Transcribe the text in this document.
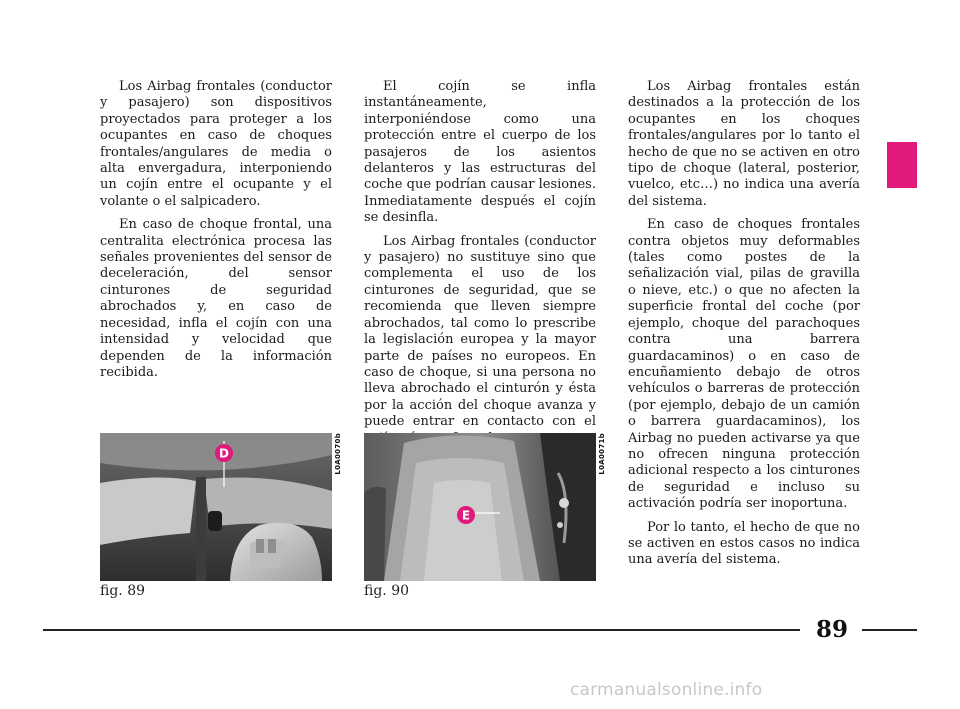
Los Airbag frontales (conductor y pasajero) son dispositivos proyectados para proteger a los ocupantes en caso de choques frontales/angulares de media o alta envergadura, interponiendo un cojín entre el ocupante y el volante o el salpicadero.

En caso de choque frontal, una centralita electrónica procesa las señales provenientes del sensor de deceleración, del sensor cinturones de seguridad abrochados y, en caso de necesidad, infla el cojín con una intensidad y velocidad que dependen de la información recibida.

El cojín se infla instantáneamente, interponiéndose como una protección entre el cuerpo de los pasajeros de los asientos delanteros y las estructuras del coche que podrían causar lesiones. Inmediatamente después el cojín se desinfla.

Los Airbag frontales (conductor y pasajero) no sustituye sino que complementa el uso de los cinturones de seguridad, que se recomienda que lleven siempre abrochados, tal como lo prescribe la legislación europea y la mayor parte de países no europeos. En caso de choque, si una persona no lleva abrochado el cinturón y ésta por la acción del choque avanza y puede entrar en contacto con el

Los Airbag frontales están destinados a la protección de los ocupantes en los choques frontales/angulares por lo tanto el hecho de que no se activen en otro tipo de choque (lateral, posterior, vuelco, etc…) no indica una avería del sistema.

En caso de choques frontales contra objetos muy deformables (tales como postes de la señalización vial, pilas de gravilla o nieve, etc.) o que no afecten la superficie frontal del coche (por ejemplo, choque del parachoques contra una barrera guardacaminos) o en caso de encuñamiento debajo de otros vehículos o barreras de protección (por ejemplo, debajo de un camión o barrera guardacaminos), los Airbag no pueden activarse ya que no ofrecen ninguna protección adicional respecto a los cinturones de seguridad e incluso su activación podría ser inoportuna.

Por lo tanto, el hecho de que no se activen en estos casos no indica una avería del sistema.

D	L0A0070b
fig. 89
E
L0A0071b
fig. 90
89
carmanualsonline.info
